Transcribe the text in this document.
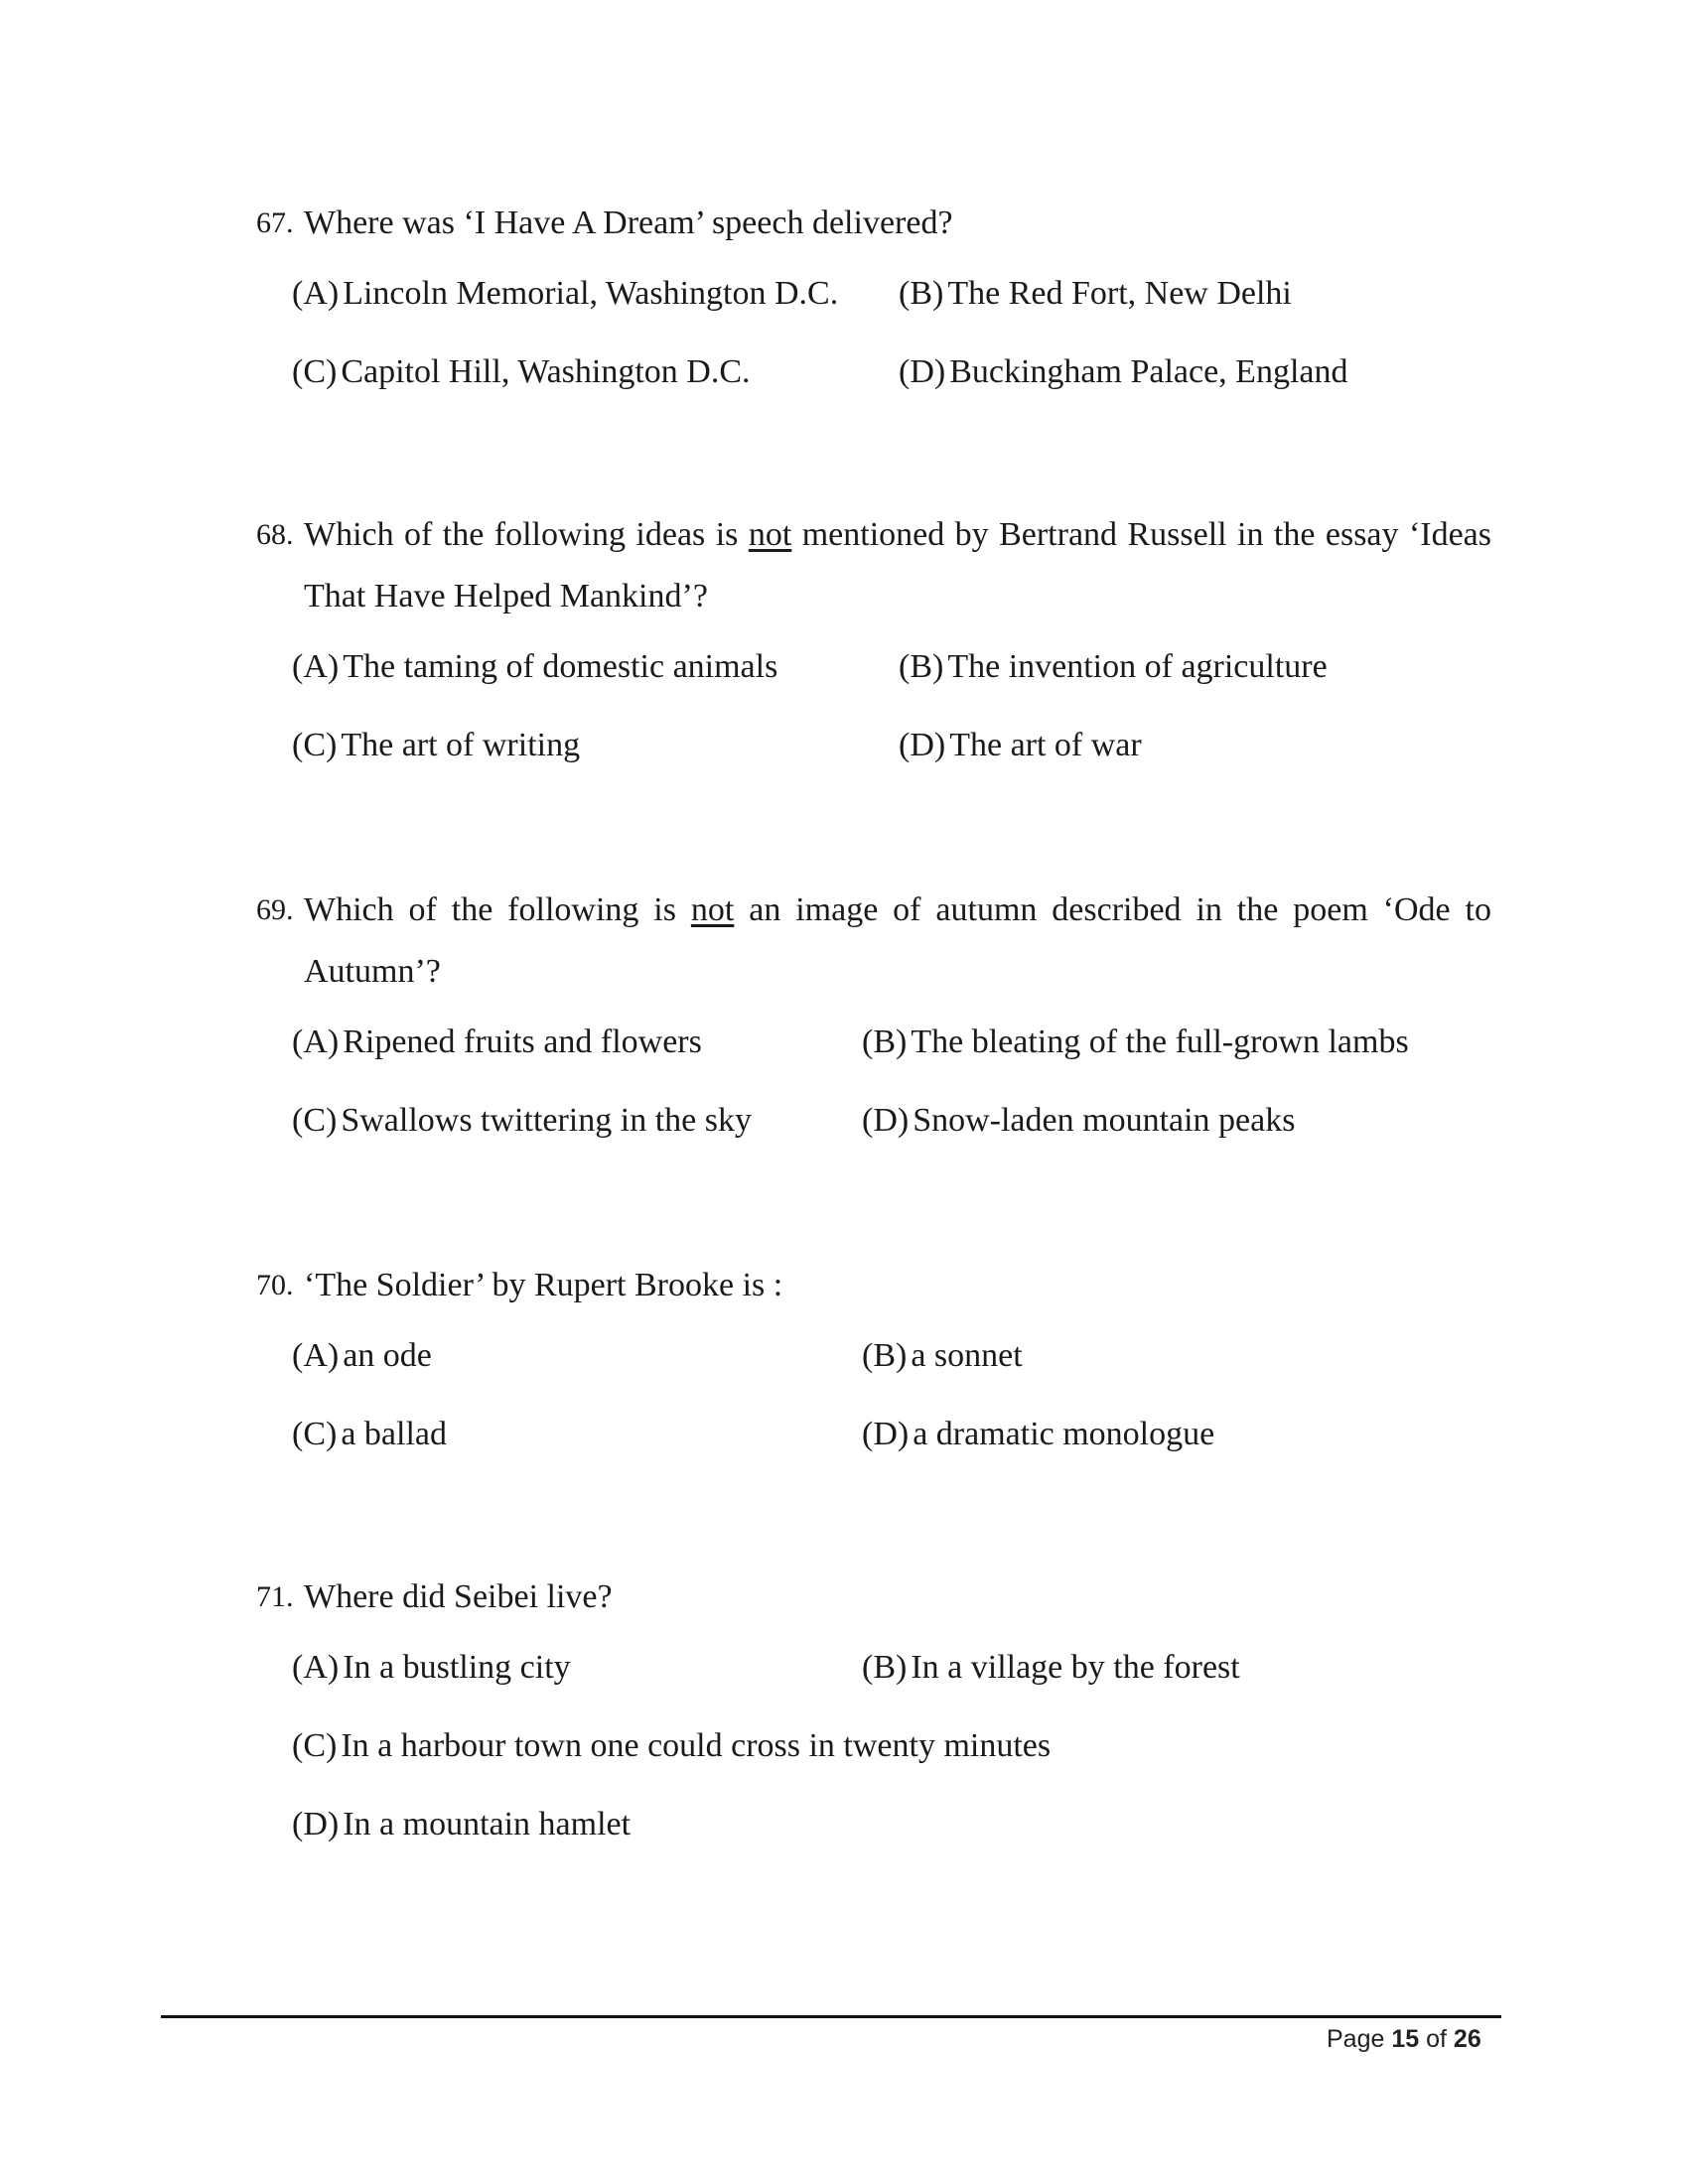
67. Where was ‘I Have A Dream’ speech delivered?
(A) Lincoln Memorial, Washington D.C. (B) The Red Fort, New Delhi
(C) Capitol Hill, Washington D.C.	(D) Buckingham Palace, England
68. Which of the following ideas is not mentioned by Bertrand Russell in the essay ‘Ideas That Have Helped Mankind’?
(A) The taming of domestic animals	(B) The invention of agriculture
(C) The art of writing	(D) The art of war
69. Which of the following is not an image of autumn described in the poem ‘Ode to Autumn’?
(A) Ripened fruits and flowers	(B) The bleating of the full-grown lambs
(C) Swallows twittering in the sky	(D) Snow-laden mountain peaks
70. ‘The Soldier’ by Rupert Brooke is :
(A) an ode	(B) a sonnet
(C) a ballad	(D) a dramatic monologue
71. Where did Seibei live?
(A) In a bustling city	(B) In a village by the forest
(C) In a harbour town one could cross in twenty minutes
(D) In a mountain hamlet
Page 15 of 26
